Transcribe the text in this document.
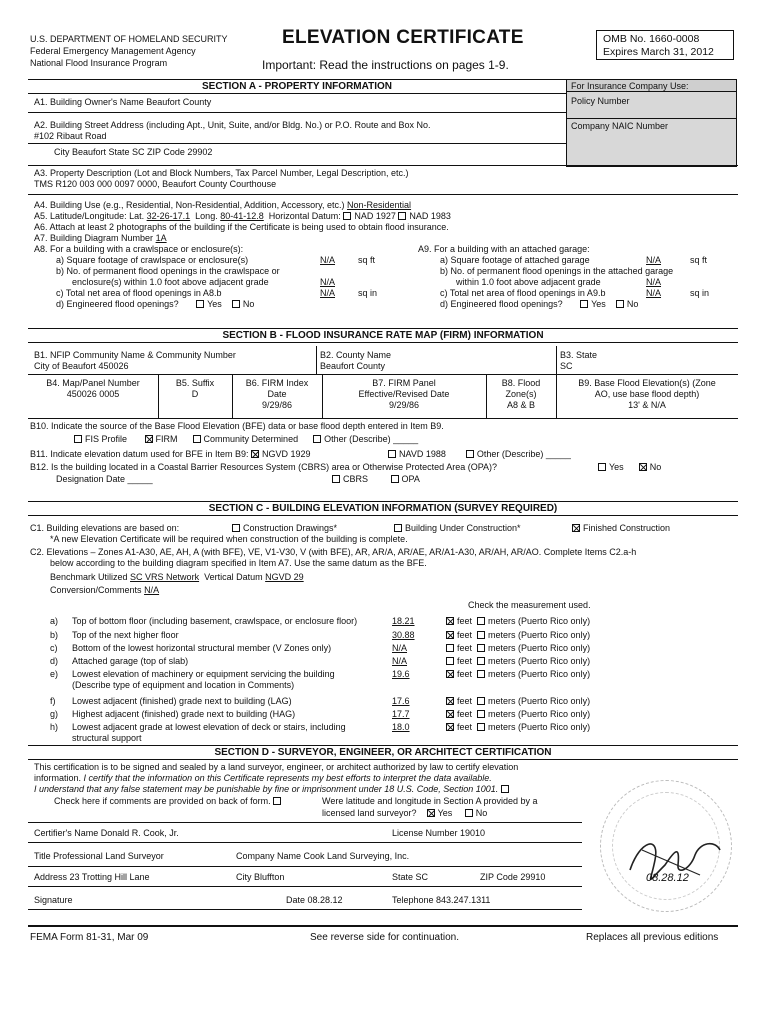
U.S. DEPARTMENT OF HOMELAND SECURITY
Federal Emergency Management Agency
National Flood Insurance Program
ELEVATION CERTIFICATE
Important: Read the instructions on pages 1-9.
OMB No. 1660-0008
Expires March 31, 2012
SECTION A - PROPERTY INFORMATION	For Insurance Company Use:
Policy Number
Company NAIC Number
A1. Building Owner's Name Beaufort County
A2. Building Street Address (including Apt., Unit, Suite, and/or Bldg. No.) or P.O. Route and Box No.
#102 Ribaut Road
City Beaufort State SC ZIP Code 29902
A3. Property Description (Lot and Block Numbers, Tax Parcel Number, Legal Description, etc.)
TMS R120 003 000 0097 0000, Beaufort County Courthouse
A4. Building Use (e.g., Residential, Non-Residential, Addition, Accessory, etc.) Non-Residential
A5. Latitude/Longitude: Lat. 32-26-17.1 Long. 80-41-12.8 Horizontal Datum: NAD 1927 NAD 1983
A6. Attach at least 2 photographs of the building if the Certificate is being used to obtain flood insurance.
A7. Building Diagram Number 1A
A8. For a building with a crawlspace or enclosure(s):
a) Square footage of crawlspace or enclosure(s)	N/A	sq ft
b) No. of permanent flood openings in the crawlspace or
enclosure(s) within 1.0 foot above adjacent grade	N/A
c) Total net area of flood openings in A8.b	N/A	sq in
d) Engineered flood openings?	Yes No
A9. For a building with an attached garage:
a) Square footage of attached garage	N/A	sq ft
b) No. of permanent flood openings in the attached garage
within 1.0 foot above adjacent grade	N/A
c) Total net area of flood openings in A9.b	N/A	sq in
d) Engineered flood openings?	Yes No
SECTION B - FLOOD INSURANCE RATE MAP (FIRM) INFORMATION
B1. NFIP Community Name & Community Number
City of Beaufort 450026
B2. County Name
Beaufort County
B3. State
SC
B4. Map/Panel Number
450026 0005
B5. Suffix
D
B6. FIRM Index
Date
9/29/86
B7. FIRM Panel
Effective/Revised Date
9/29/86
B8. Flood
Zone(s)
A8 & B
B9. Base Flood Elevation(s) (Zone
AO, use base flood depth)
13' & N/A
B10. Indicate the source of the Base Flood Elevation (BFE) data or base flood depth entered in Item B9.
FIS Profile	FIRM	Community Determined	Other (Describe) _____
B11. Indicate elevation datum used for BFE in Item B9: NGVD 1929	NAVD 1988	Other (Describe) _____
B12. Is the building located in a Coastal Barrier Resources System (CBRS) area or Otherwise Protected Area (OPA)?	Yes	No
Designation Date _____	CBRS	OPA
SECTION C - BUILDING ELEVATION INFORMATION (SURVEY REQUIRED)
C1. Building elevations are based on:	Construction Drawings*	Building Under Construction*	Finished Construction
*A new Elevation Certificate will be required when construction of the building is complete.
C2. Elevations – Zones A1-A30, AE, AH, A (with BFE), VE, V1-V30, V (with BFE), AR, AR/A, AR/AE, AR/A1-A30, AR/AH, AR/AO. Complete Items C2.a-h
below according to the building diagram specified in Item A7. Use the same datum as the BFE.
Benchmark Utilized SC VRS Network Vertical Datum NGVD 29
Conversion/Comments N/A
Check the measurement used.
a) Top of bottom floor (including basement, crawlspace, or enclosure floor)	18.21	feet meters (Puerto Rico only)
b) Top of the next higher floor	30.88	feet meters (Puerto Rico only)
c) Bottom of the lowest horizontal structural member (V Zones only)	N/A	feet meters (Puerto Rico only)
d) Attached garage (top of slab)	N/A	feet meters (Puerto Rico only)
e) Lowest elevation of machinery or equipment servicing the building
(Describe type of equipment and location in Comments)
19.6	feet meters (Puerto Rico only)
f) Lowest adjacent (finished) grade next to building (LAG)	17.6	feet meters (Puerto Rico only)
g) Highest adjacent (finished) grade next to building (HAG)	17.7	feet meters (Puerto Rico only)
h) Lowest adjacent grade at lowest elevation of deck or stairs, including
structural support
18.0	feet meters (Puerto Rico only)
SECTION D - SURVEYOR, ENGINEER, OR ARCHITECT CERTIFICATION
This certification is to be signed and sealed by a land surveyor, engineer, or architect authorized by law to certify elevation
information. I certify that the information on this Certificate represents my best efforts to interpret the data available.
I understand that any false statement may be punishable by fine or imprisonment under 18 U.S. Code, Section 1001.
Check here if comments are provided on back of form.	Were latitude and longitude in Section A provided by a
licensed land surveyor? Yes	No
Certifier's Name Donald R. Cook, Jr.	License Number 19010
Title Professional Land Surveyor	Company Name Cook Land Surveying, Inc.
Address 23 Trotting Hill Lane	City Bluffton	State SC	ZIP Code 29910
Signature	Date 08.28.12	Telephone 843.247.1311
08.28.12
FEMA Form 81-31, Mar 09	See reverse side for continuation.	Replaces all previous editions
